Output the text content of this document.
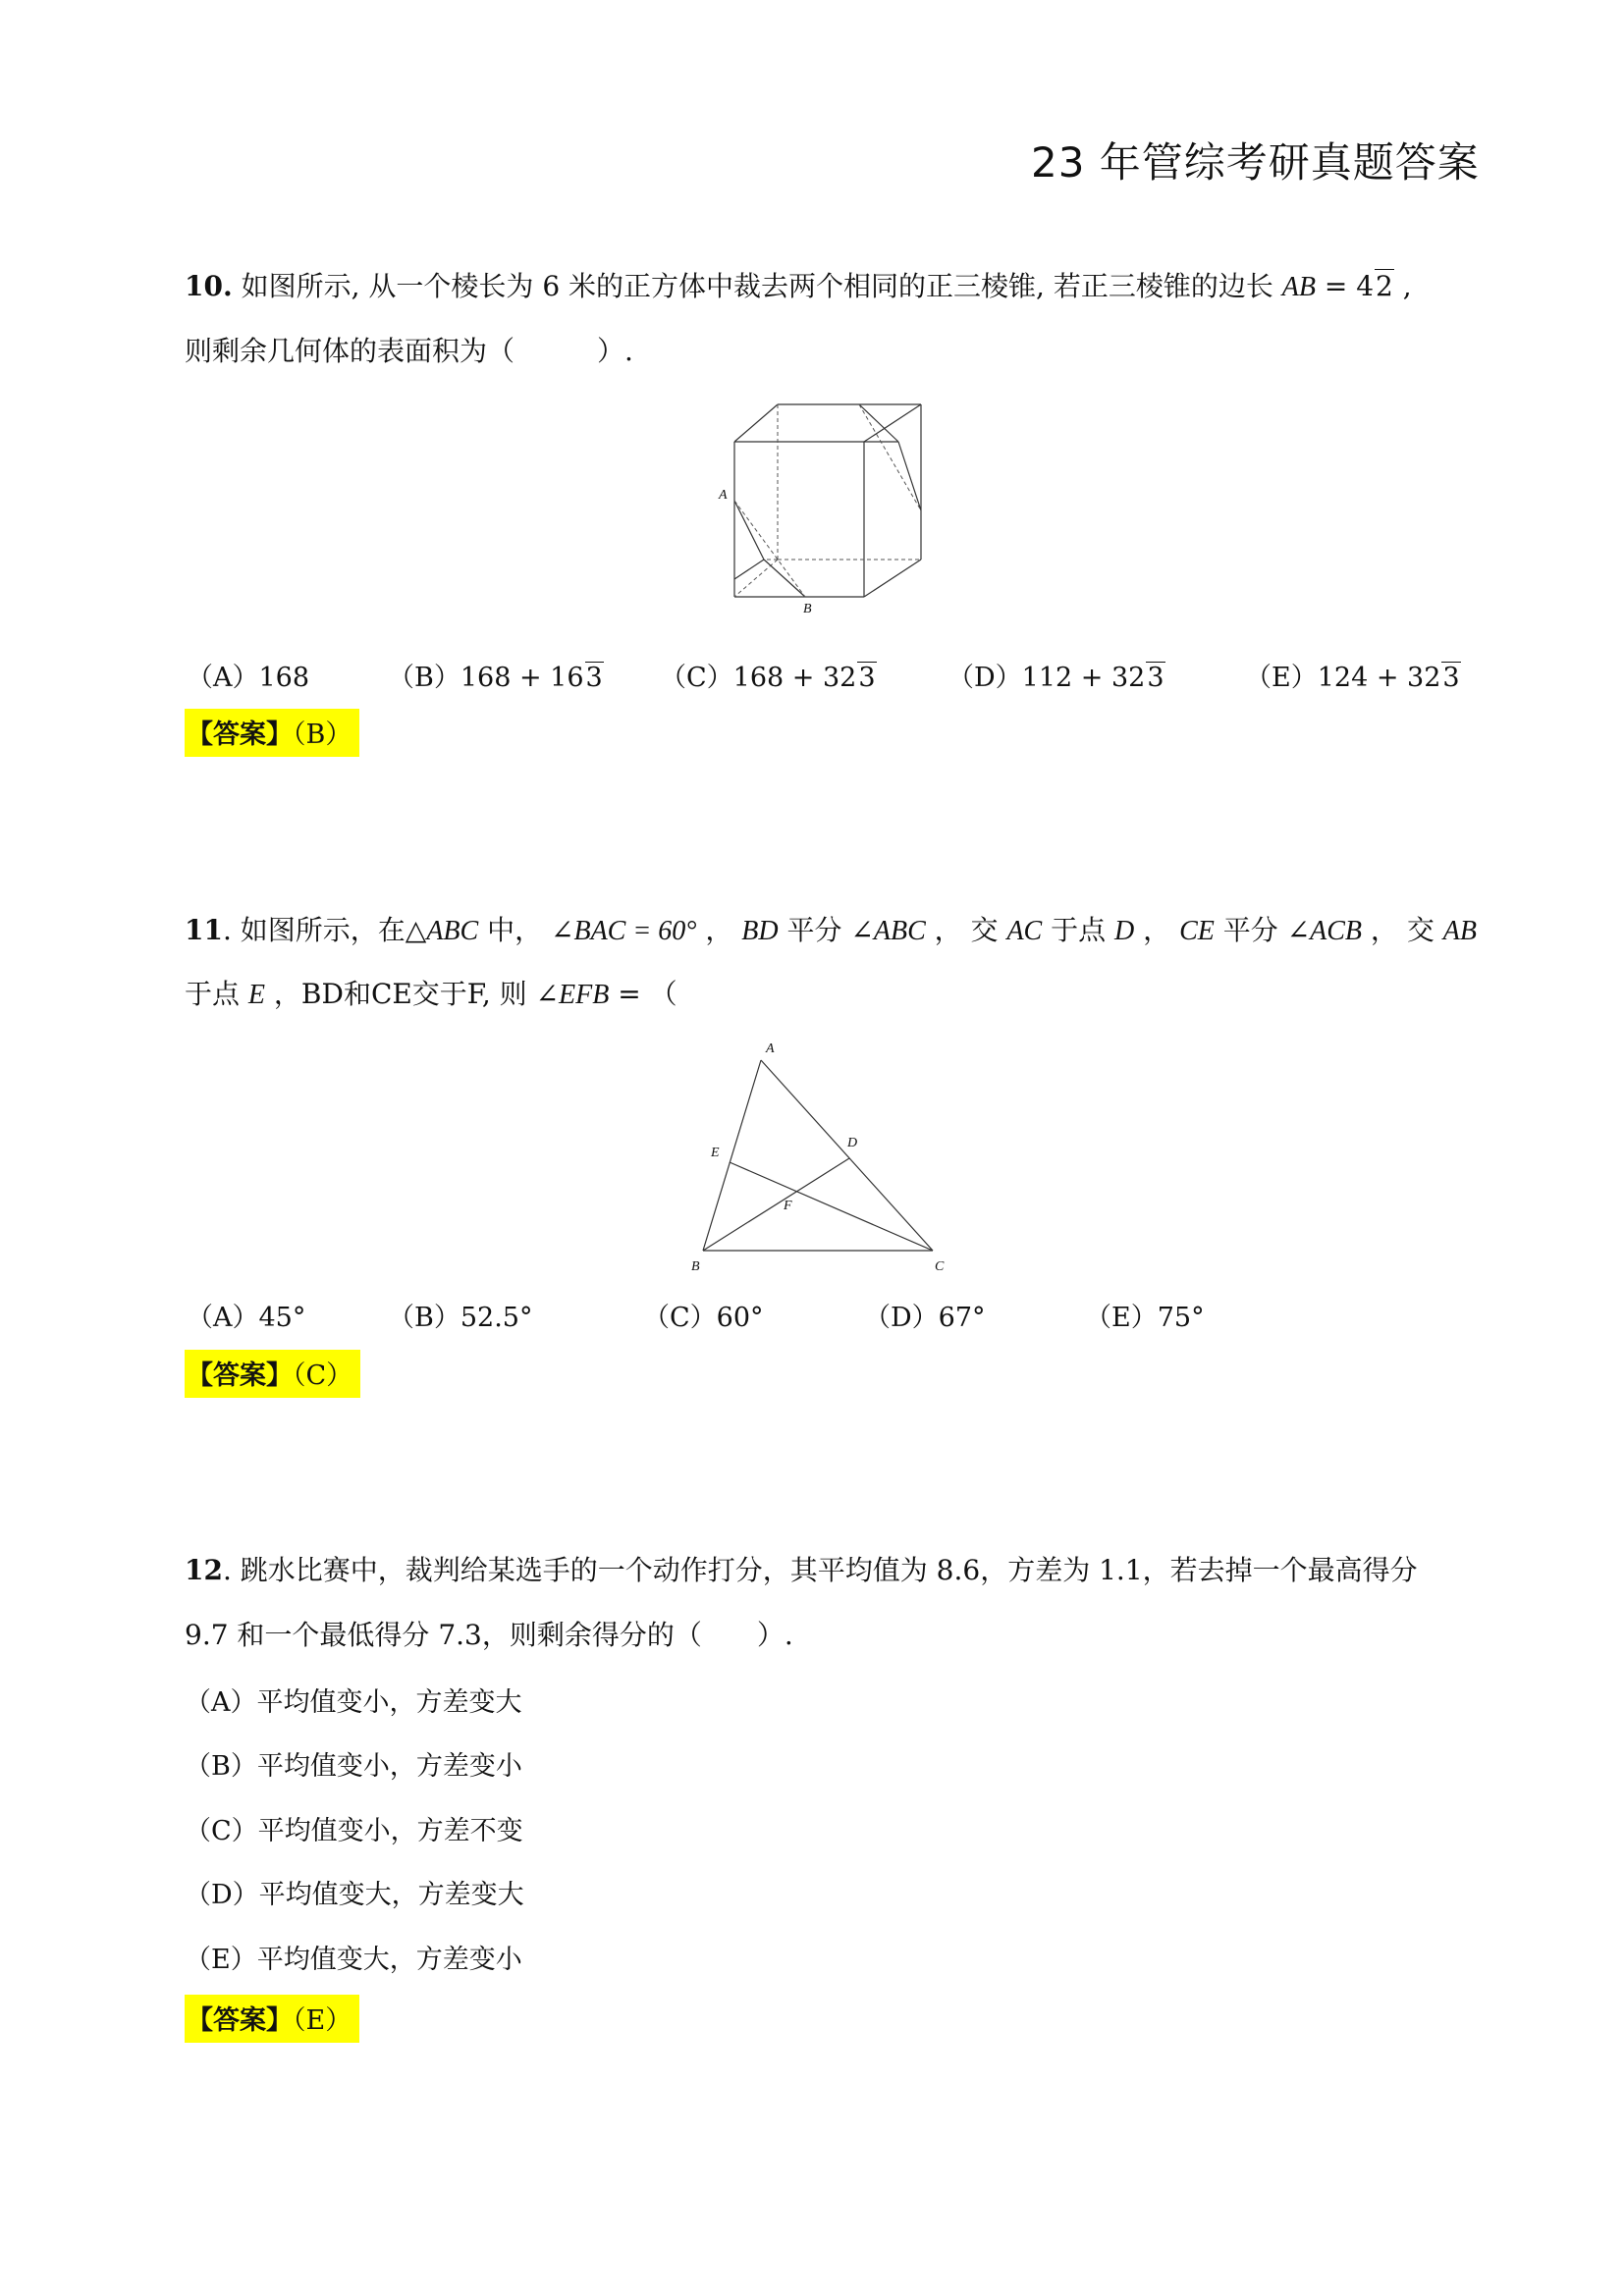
23 年管综考研真题答案
10. 如图所示, 从一个棱长为 6 米的正方体中裁去两个相同的正三棱锥, 若正三棱锥的边长 AB = 42 ,
则剩余几何体的表面积为（　　　）.
A
B
（A）168	（B）168 + 163 （C）168 + 323	（D）112 + 323	（E）124 + 323
【答案】（B）
11. 如图所示，在△ABC 中， ∠BAC = 60° ， BD 平分 ∠ABC ， 交 AC 于点 D ， CE 平分 ∠ACB ， 交 AB
于点 E ，BD和CE交于F, 则 ∠EFB = （
A
B	C
D
E
F
（A）45°	（B）52.5°	（C）60°	（D）67°	（E）75°
【答案】（C）
12. 跳水比赛中，裁判给某选手的一个动作打分，其平均值为 8.6，方差为 1.1，若去掉一个最高得分
9.7 和一个最低得分 7.3，则剩余得分的（　　）.
（A）平均值变小，方差变大
（B）平均值变小，方差变小
（C）平均值变小，方差不变
（D）平均值变大，方差变大
（E）平均值变大，方差变小
【答案】（E）
